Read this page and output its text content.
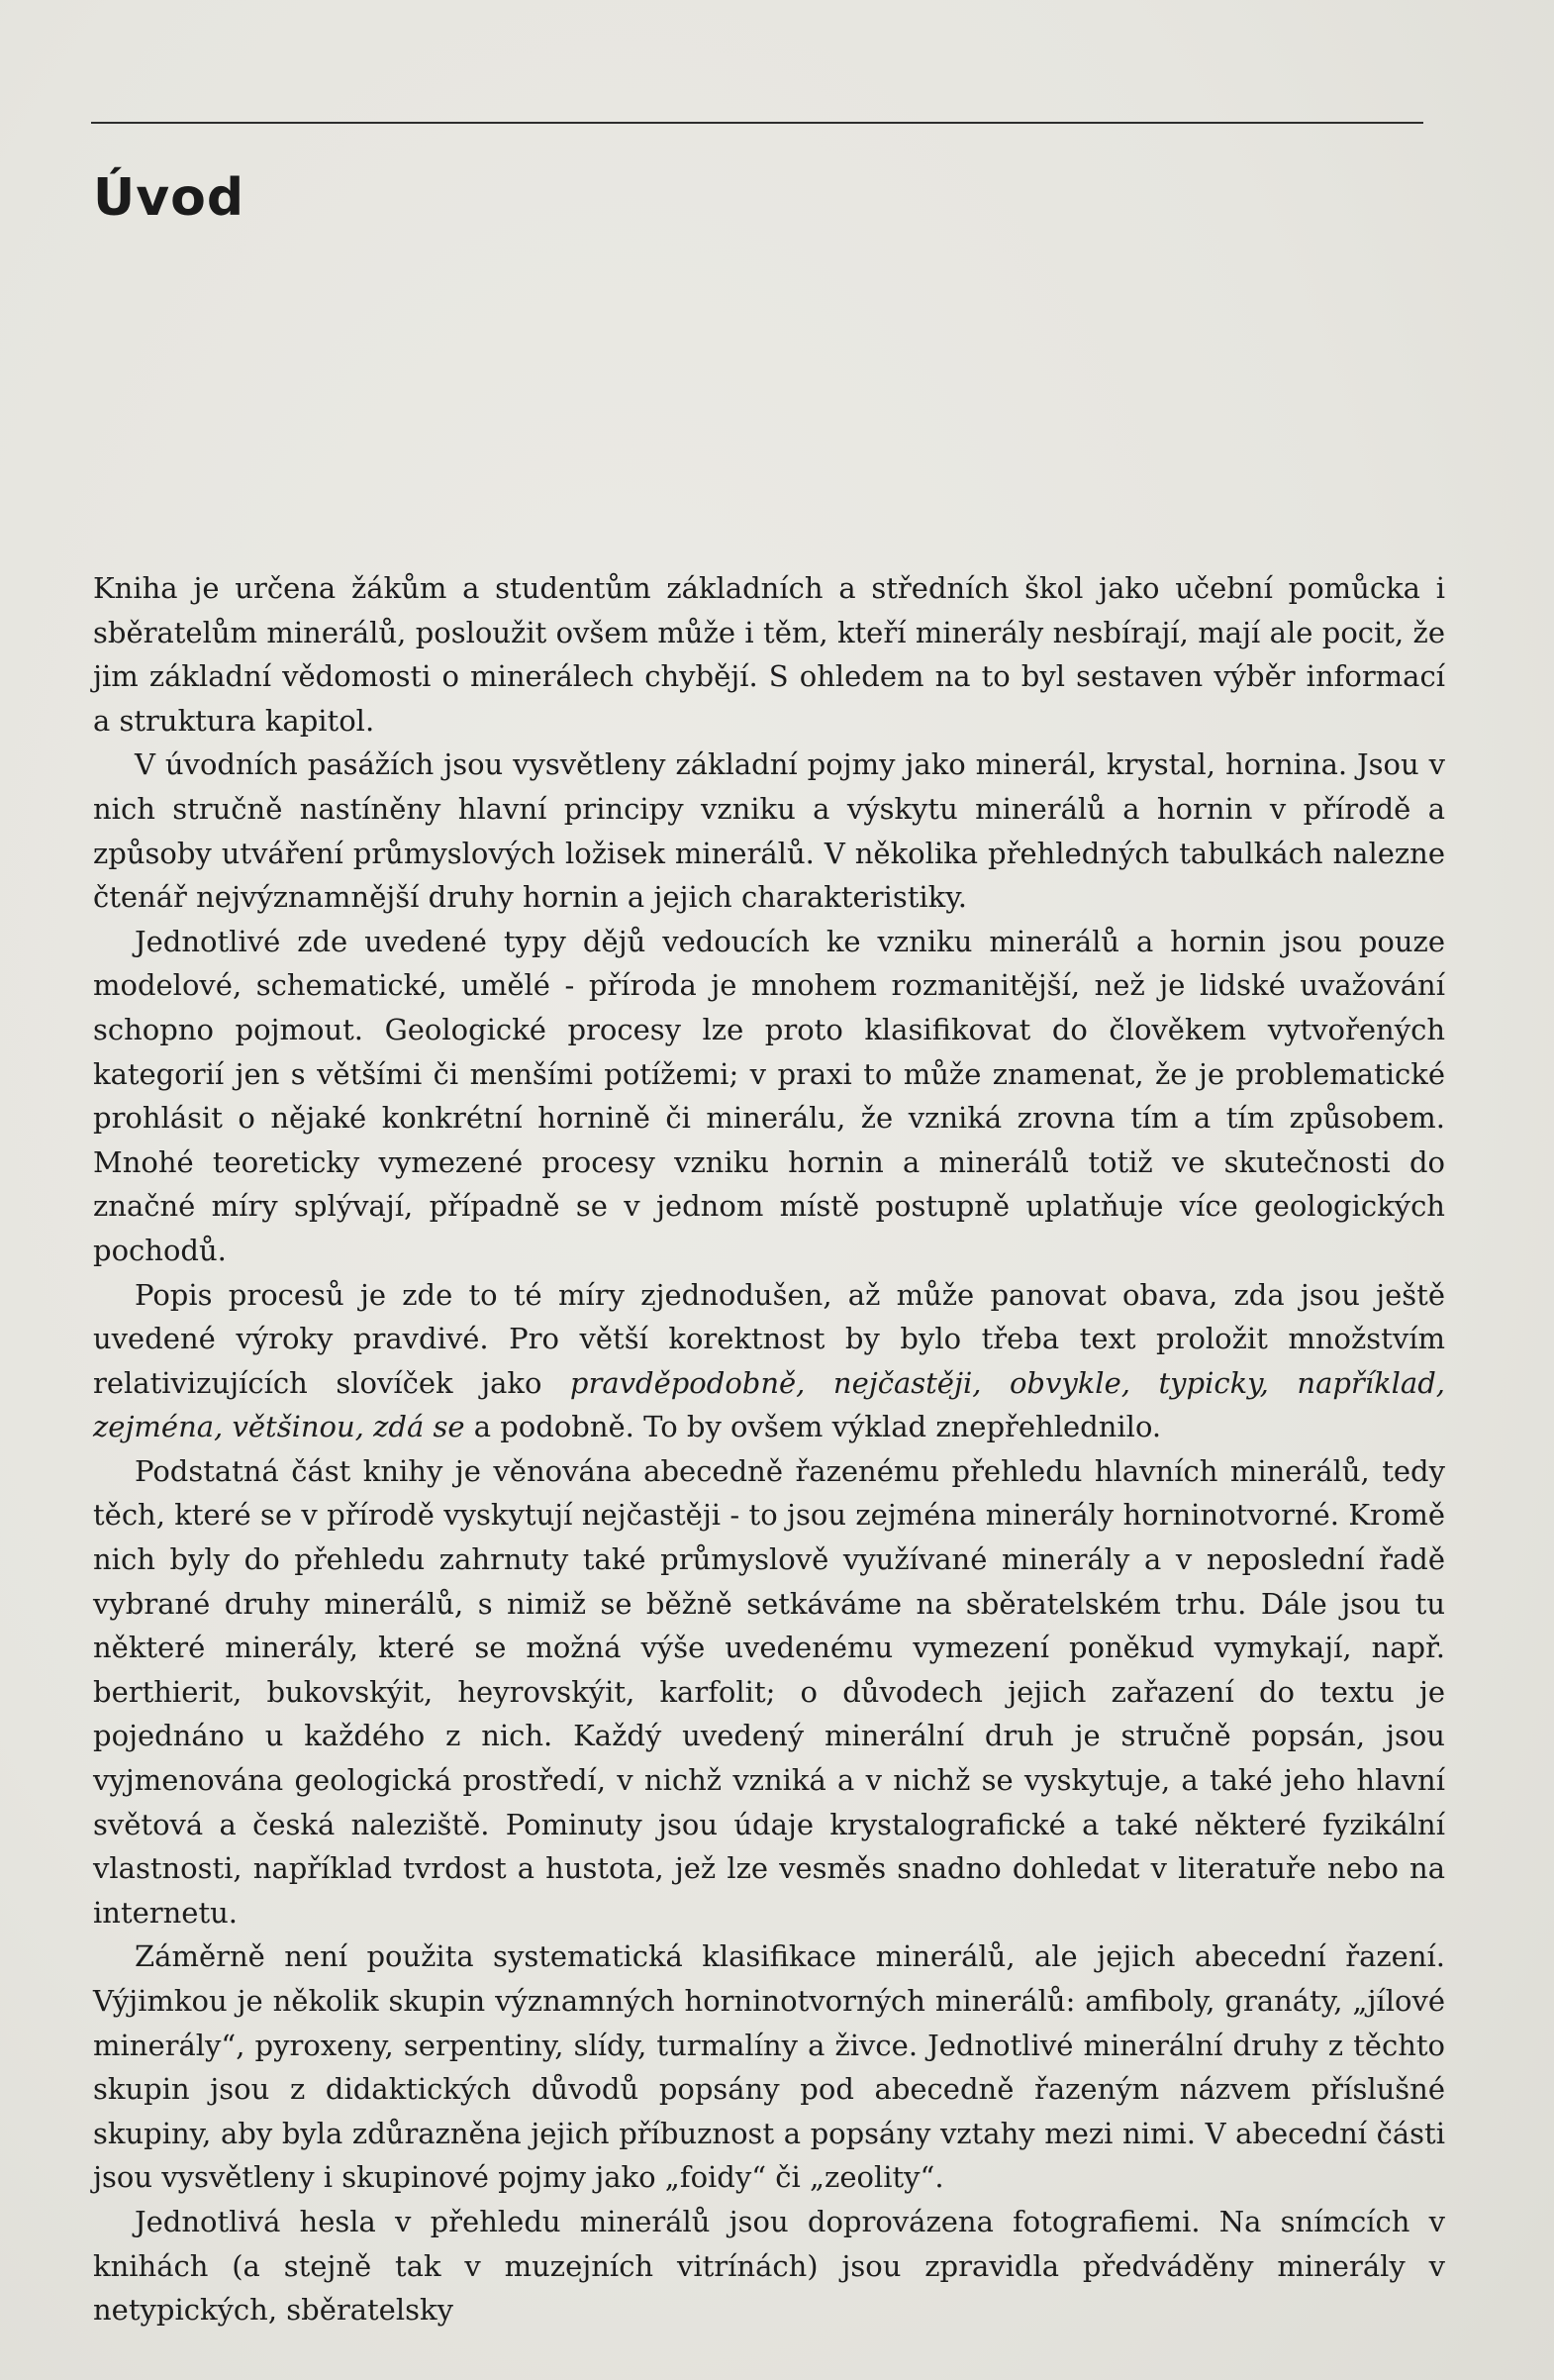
Úvod

Kniha je určena žákům a studentům základních a středních škol jako učební pomůcka i sběratelům minerálů, posloužit ovšem může i těm, kteří minerály nesbírají, mají ale pocit, že jim základní vědomosti o minerálech chybějí. S ohledem na to byl sestaven výběr informací a struktura kapitol.

V úvodních pasážích jsou vysvětleny základní pojmy jako minerál, krystal, hornina. Jsou v nich stručně nastíněny hlavní principy vzniku a výskytu minerálů a hornin v přírodě a způsoby utváření průmyslových ložisek minerálů. V několika přehledných tabulkách nalezne čtenář nejvýznamnější druhy hornin a jejich charakteristiky.

Jednotlivé zde uvedené typy dějů vedoucích ke vzniku minerálů a hornin jsou pouze modelové, schematické, umělé - příroda je mnohem rozmanitější, než je lidské uvažování schopno pojmout. Geologické procesy lze proto klasifikovat do člověkem vytvořených kategorií jen s většími či menšími potížemi; v praxi to může znamenat, že je problematické prohlásit o nějaké konkrétní hornině či minerálu, že vzniká zrovna tím a tím způsobem. Mnohé teoreticky vymezené procesy vzniku hornin a minerálů totiž ve skutečnosti do značné míry splývají, případně se v jednom místě postupně uplatňuje více geologických pochodů.

Popis procesů je zde to té míry zjednodušen, až může panovat obava, zda jsou ještě uvedené výroky pravdivé. Pro větší korektnost by bylo třeba text proložit množstvím relativizujících slovíček jako pravděpodobně, nejčastěji, obvykle, typicky, například, zejména, většinou, zdá se a podobně. To by ovšem výklad znepřehlednilo.

Podstatná část knihy je věnována abecedně řazenému přehledu hlavních minerálů, tedy těch, které se v přírodě vyskytují nejčastěji - to jsou zejména minerály horninotvorné. Kromě nich byly do přehledu zahrnuty také průmyslově využívané minerály a v neposlední řadě vybrané druhy minerálů, s nimiž se běžně setkáváme na sběratelském trhu. Dále jsou tu některé minerály, které se možná výše uvedenému vymezení poněkud vymykají, např. berthierit, bukovskýit, heyrovskýit, karfolit; o důvodech jejich zařazení do textu je pojednáno u každého z nich. Každý uvedený minerální druh je stručně popsán, jsou vyjmenována geologická prostředí, v nichž vzniká a v nichž se vyskytuje, a také jeho hlavní světová a česká naleziště. Pominuty jsou údaje krystalografické a také některé fyzikální vlastnosti, například tvrdost a hustota, jež lze vesměs snadno dohledat v literatuře nebo na internetu.

Záměrně není použita systematická klasifikace minerálů, ale jejich abecední řazení. Výjimkou je několik skupin významných horninotvorných minerálů: amfiboly, granáty, „jílové minerály“, pyroxeny, serpentiny, slídy, turmalíny a živce. Jednotlivé minerální druhy z těchto skupin jsou z didaktických důvodů popsány pod abecedně řazeným názvem příslušné skupiny, aby byla zdůrazněna jejich příbuznost a popsány vztahy mezi nimi. V abecední části jsou vysvětleny i skupinové pojmy jako „foidy“ či „zeolity“.

Jednotlivá hesla v přehledu minerálů jsou doprovázena fotografiemi. Na snímcích v knihách (a stejně tak v muzejních vitrínách) jsou zpravidla předváděny minerály v netypických, sběratelsky
